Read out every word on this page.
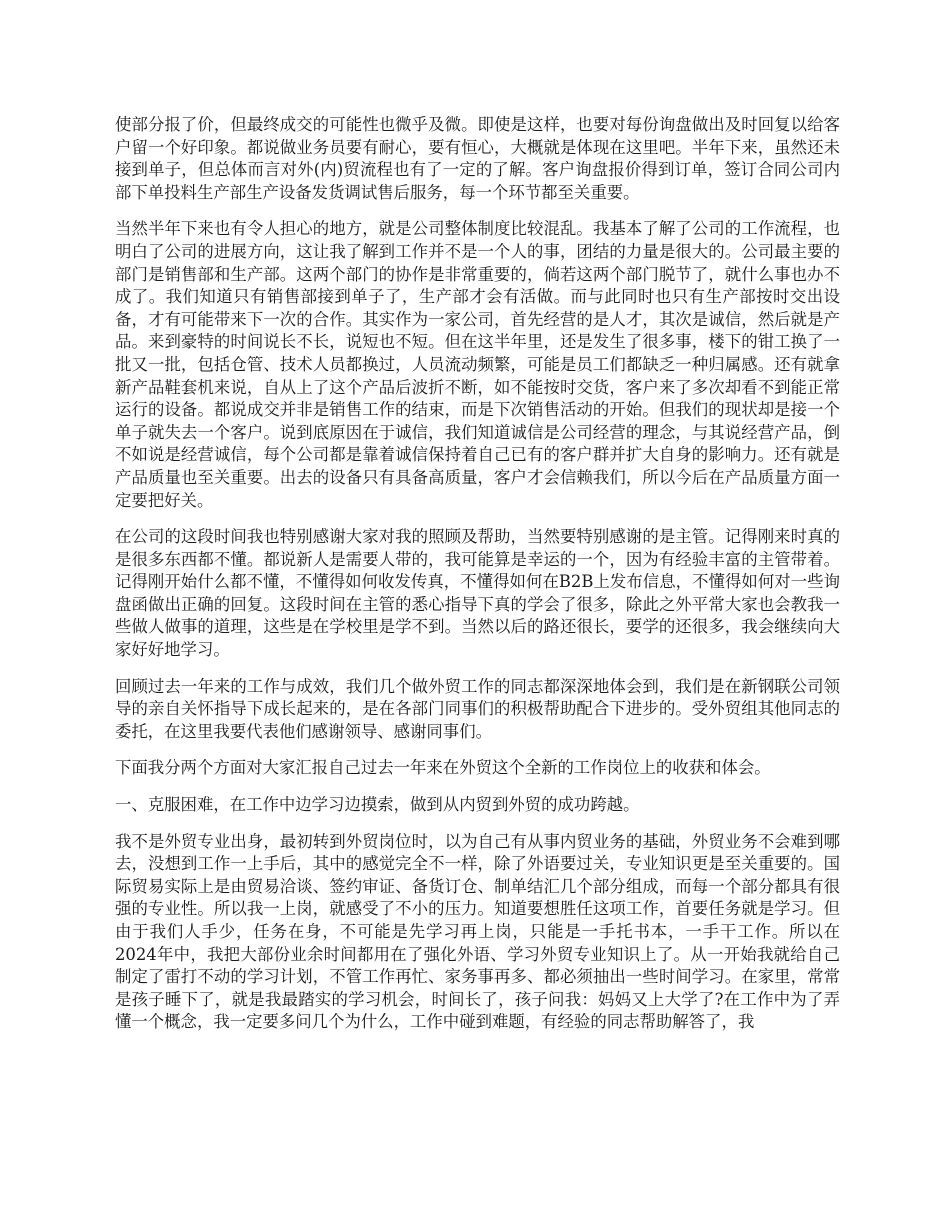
使部分报了价，但最终成交的可能性也微乎及微。即使是这样，也要对每份询盘做出及时回复以给客户留一个好印象。都说做业务员要有耐心，要有恒心，大概就是体现在这里吧。半年下来，虽然还未接到单子，但总体而言对外(内)贸流程也有了一定的了解。客户询盘报价得到订单，签订合同公司内部下单投料生产部生产设备发货调试售后服务，每一个环节都至关重要。

当然半年下来也有令人担心的地方，就是公司整体制度比较混乱。我基本了解了公司的工作流程，也明白了公司的进展方向，这让我了解到工作并不是一个人的事，团结的力量是很大的。公司最主要的部门是销售部和生产部。这两个部门的协作是非常重要的，倘若这两个部门脱节了，就什么事也办不成了。我们知道只有销售部接到单子了，生产部才会有活做。而与此同时也只有生产部按时交出设备，才有可能带来下一次的合作。其实作为一家公司，首先经营的是人才，其次是诚信，然后就是产品。来到豪特的时间说长不长，说短也不短。但在这半年里，还是发生了很多事，楼下的钳工换了一批又一批，包括仓管、技术人员都换过，人员流动频繁，可能是员工们都缺乏一种归属感。还有就拿新产品鞋套机来说，自从上了这个产品后波折不断，如不能按时交货，客户来了多次却看不到能正常运行的设备。都说成交并非是销售工作的结束，而是下次销售活动的开始。但我们的现状却是接一个单子就失去一个客户。说到底原因在于诚信，我们知道诚信是公司经营的理念，与其说经营产品，倒不如说是经营诚信，每个公司都是靠着诚信保持着自己已有的客户群并扩大自身的影响力。还有就是产品质量也至关重要。出去的设备只有具备高质量，客户才会信赖我们，所以今后在产品质量方面一定要把好关。

在公司的这段时间我也特别感谢大家对我的照顾及帮助，当然要特别感谢的是主管。记得刚来时真的是很多东西都不懂。都说新人是需要人带的，我可能算是幸运的一个，因为有经验丰富的主管带着。记得刚开始什么都不懂，不懂得如何收发传真，不懂得如何在B2B上发布信息，不懂得如何对一些询盘函做出正确的回复。这段时间在主管的悉心指导下真的学会了很多，除此之外平常大家也会教我一些做人做事的道理，这些是在学校里是学不到。当然以后的路还很长，要学的还很多，我会继续向大家好好地学习。

回顾过去一年来的工作与成效，我们几个做外贸工作的同志都深深地体会到，我们是在新钢联公司领导的亲自关怀指导下成长起来的，是在各部门同事们的积极帮助配合下进步的。受外贸组其他同志的委托，在这里我要代表他们感谢领导、感谢同事们。

下面我分两个方面对大家汇报自己过去一年来在外贸这个全新的工作岗位上的收获和体会。

一、克服困难，在工作中边学习边摸索，做到从内贸到外贸的成功跨越。

我不是外贸专业出身，最初转到外贸岗位时，以为自己有从事内贸业务的基础，外贸业务不会难到哪去，没想到工作一上手后，其中的感觉完全不一样，除了外语要过关，专业知识更是至关重要的。国际贸易实际上是由贸易洽谈、签约审证、备货订仓、制单结汇几个部分组成，而每一个部分都具有很强的专业性。所以我一上岗，就感受了不小的压力。知道要想胜任这项工作，首要任务就是学习。但由于我们人手少，任务在身，不可能是先学习再上岗，只能是一手托书本，一手干工作。所以在2024年中，我把大部份业余时间都用在了强化外语、学习外贸专业知识上了。从一开始我就给自己制定了雷打不动的学习计划，不管工作再忙、家务事再多、都必须抽出一些时间学习。在家里，常常是孩子睡下了，就是我最踏实的学习机会，时间长了，孩子问我：妈妈又上大学了?在工作中为了弄懂一个概念，我一定要多问几个为什么，工作中碰到难题，有经验的同志帮助解答了，我
